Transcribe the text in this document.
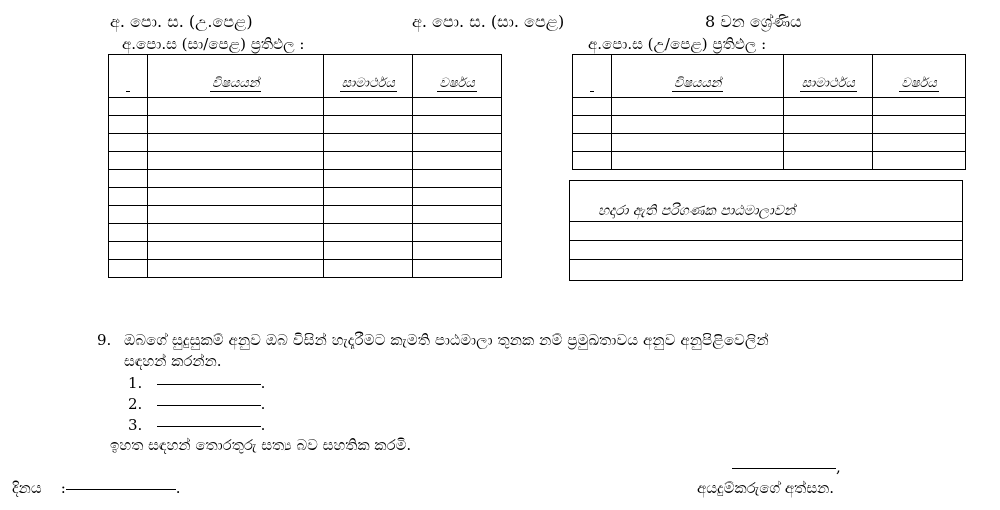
අ. පො. ස. (උ.පෙළ)	අ. පො. ස. (සා. පෙළ)	8 වන ශ්‍රේණිය
අ.පො.ස (සා/පෙළ) ප්‍රතිඵල :	අ.පො.ස (උ/පෙළ) ප්‍රතිඵල :
	විෂයයන්	සාමාර්ථය	වර්ෂය

		විෂයයන්	සාමාර්ථය	වර්ෂය

හදාරා ඇති පරිගණක පාඨමාලාවන්
9. ඔබගේ සුදුසුකම් අනුව ඔබ විසින් හැදෑරීමට කැමති පාඨමාලා තුනක නම් ප්‍රමුඛතාවය අනුව අනුපිළිවෙලින්
සඳහන් කරන්න.
1.	.
2.	.
3.	.
ඉහත සඳහන් තොරතුරු සත්‍ය බව සහතික කරමි.
දිනය :	.
,
අයදුම්කරුගේ අත්සන.
